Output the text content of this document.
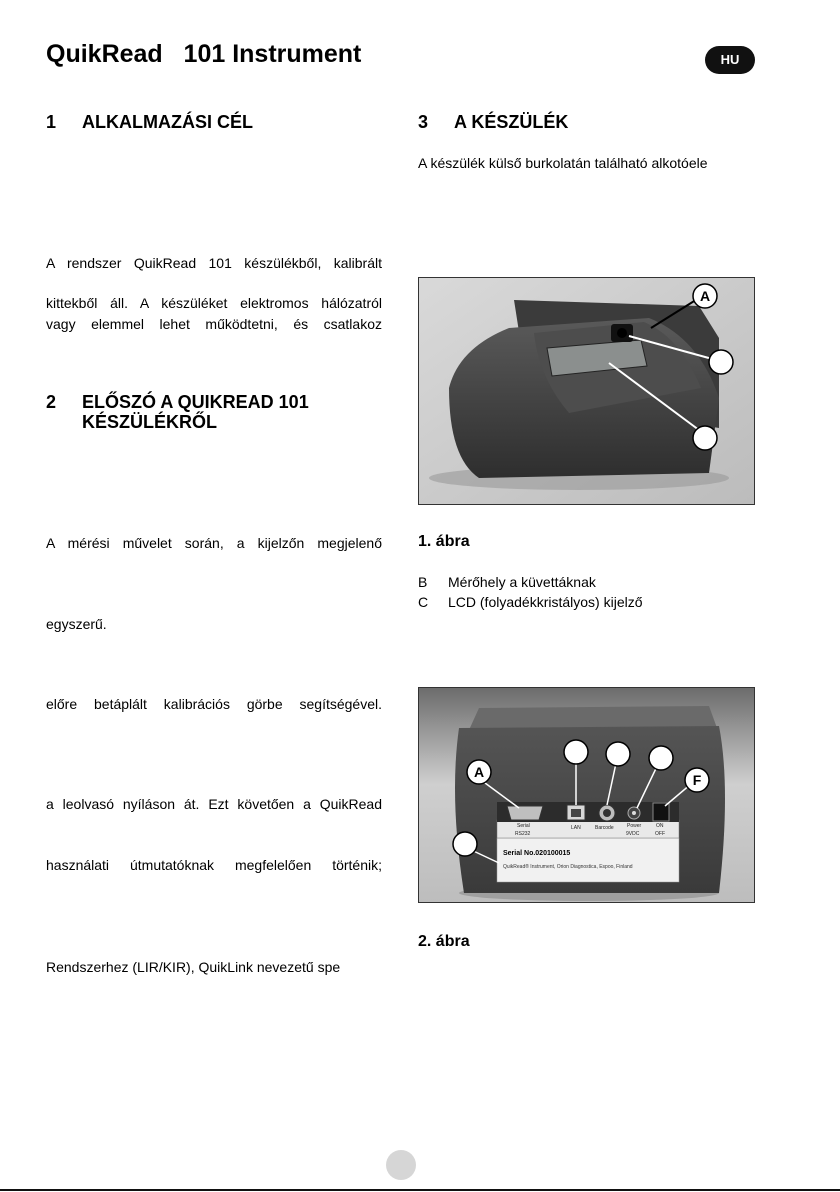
QuikRead   101 Instrument	HU
1 ALKALMAZÁSI CÉL
A rendszer QuikRead 101 készülékből, kalibrált
kittekből áll. A készüléket elektromos hálózatról
vagy elemmel lehet működtetni, és csatlakoz
2 ELŐSZÓ A QUIKREAD 101
KÉSZÜLÉKRŐL
A mérési művelet során, a kijelzőn megjelenő
egyszerű.
előre betáplált kalibrációs görbe segítségével.
a leolvasó nyíláson át. Ezt követően a QuikRead
használati útmutatóknak megfelelően történik;
Rendszerhez (LIR/KIR), QuikLink nevezetű spe
3 A KÉSZÜLÉK
A készülék külső burkolatán található alkotóele
A
1. ábra
B Mérőhely a küvettáknak
C LCD (folyadékkristályos) kijelző
Serial No.020100015
QuikRead® Instrument, Orion Diagnostica, Espoo, Finland
Serial
RS232
LAN	Barcode	Power
9VDC
ON
OFF
A	F
2. ábra
